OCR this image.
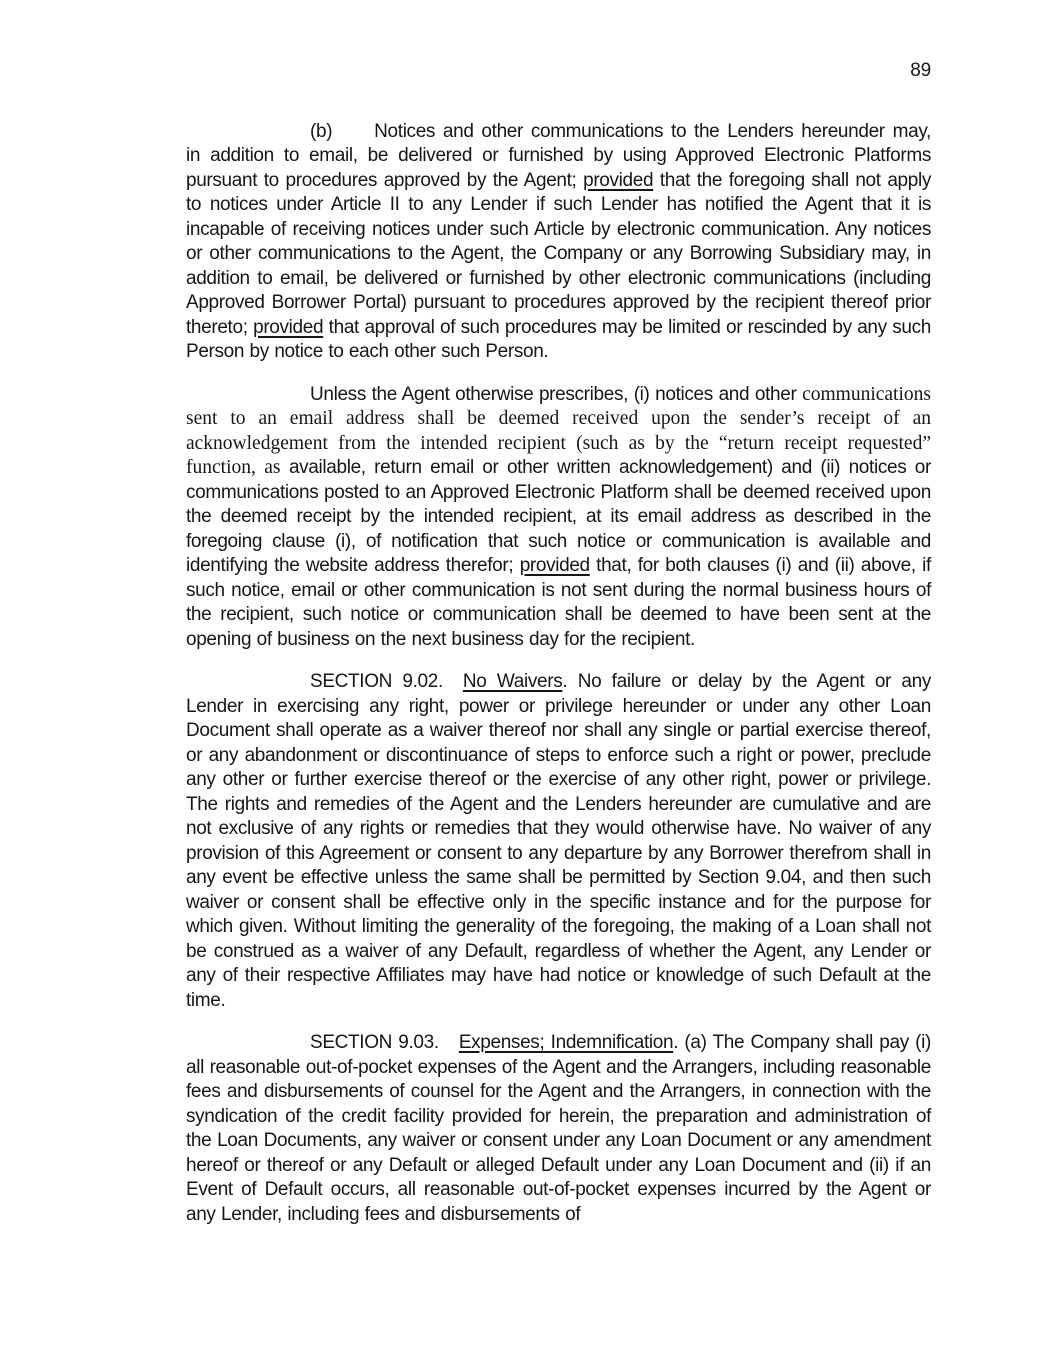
89

(b) Notices and other communications to the Lenders hereunder may, in addition to email, be delivered or furnished by using Approved Electronic Platforms pursuant to procedures approved by the Agent; provided that the foregoing shall not apply to notices under Article II to any Lender if such Lender has notified the Agent that it is incapable of receiving notices under such Article by electronic communication. Any notices or other communications to the Agent, the Company or any Borrowing Subsidiary may, in addition to email, be delivered or furnished by other electronic communications (including Approved Borrower Portal) pursuant to procedures approved by the recipient thereof prior thereto; provided that approval of such procedures may be limited or rescinded by any such Person by notice to each other such Person.

Unless the Agent otherwise prescribes, (i) notices and other communications sent to an email address shall be deemed received upon the sender’s receipt of an acknowledgement from the intended recipient (such as by the “return receipt requested” function, as available, return email or other written acknowledgement) and (ii) notices or communications posted to an Approved Electronic Platform shall be deemed received upon the deemed receipt by the intended recipient, at its email address as described in the foregoing clause (i), of notification that such notice or communication is available and identifying the website address therefor; provided that, for both clauses (i) and (ii) above, if such notice, email or other communication is not sent during the normal business hours of the recipient, such notice or communication shall be deemed to have been sent at the opening of business on the next business day for the recipient.

SECTION 9.02. No Waivers. No failure or delay by the Agent or any Lender in exercising any right, power or privilege hereunder or under any other Loan Document shall operate as a waiver thereof nor shall any single or partial exercise thereof, or any abandonment or discontinuance of steps to enforce such a right or power, preclude any other or further exercise thereof or the exercise of any other right, power or privilege. The rights and remedies of the Agent and the Lenders hereunder are cumulative and are not exclusive of any rights or remedies that they would otherwise have. No waiver of any provision of this Agreement or consent to any departure by any Borrower therefrom shall in any event be effective unless the same shall be permitted by Section 9.04, and then such waiver or consent shall be effective only in the specific instance and for the purpose for which given. Without limiting the generality of the foregoing, the making of a Loan shall not be construed as a waiver of any Default, regardless of whether the Agent, any Lender or any of their respective Affiliates may have had notice or knowledge of such Default at the time.

SECTION 9.03. Expenses; Indemnification. (a) The Company shall pay (i) all reasonable out-of-pocket expenses of the Agent and the Arrangers, including reasonable fees and disbursements of counsel for the Agent and the Arrangers, in connection with the syndication of the credit facility provided for herein, the preparation and administration of the Loan Documents, any waiver or consent under any Loan Document or any amendment hereof or thereof or any Default or alleged Default under any Loan Document and (ii) if an Event of Default occurs, all reasonable out-of-pocket expenses incurred by the Agent or any Lender, including fees and disbursements of
